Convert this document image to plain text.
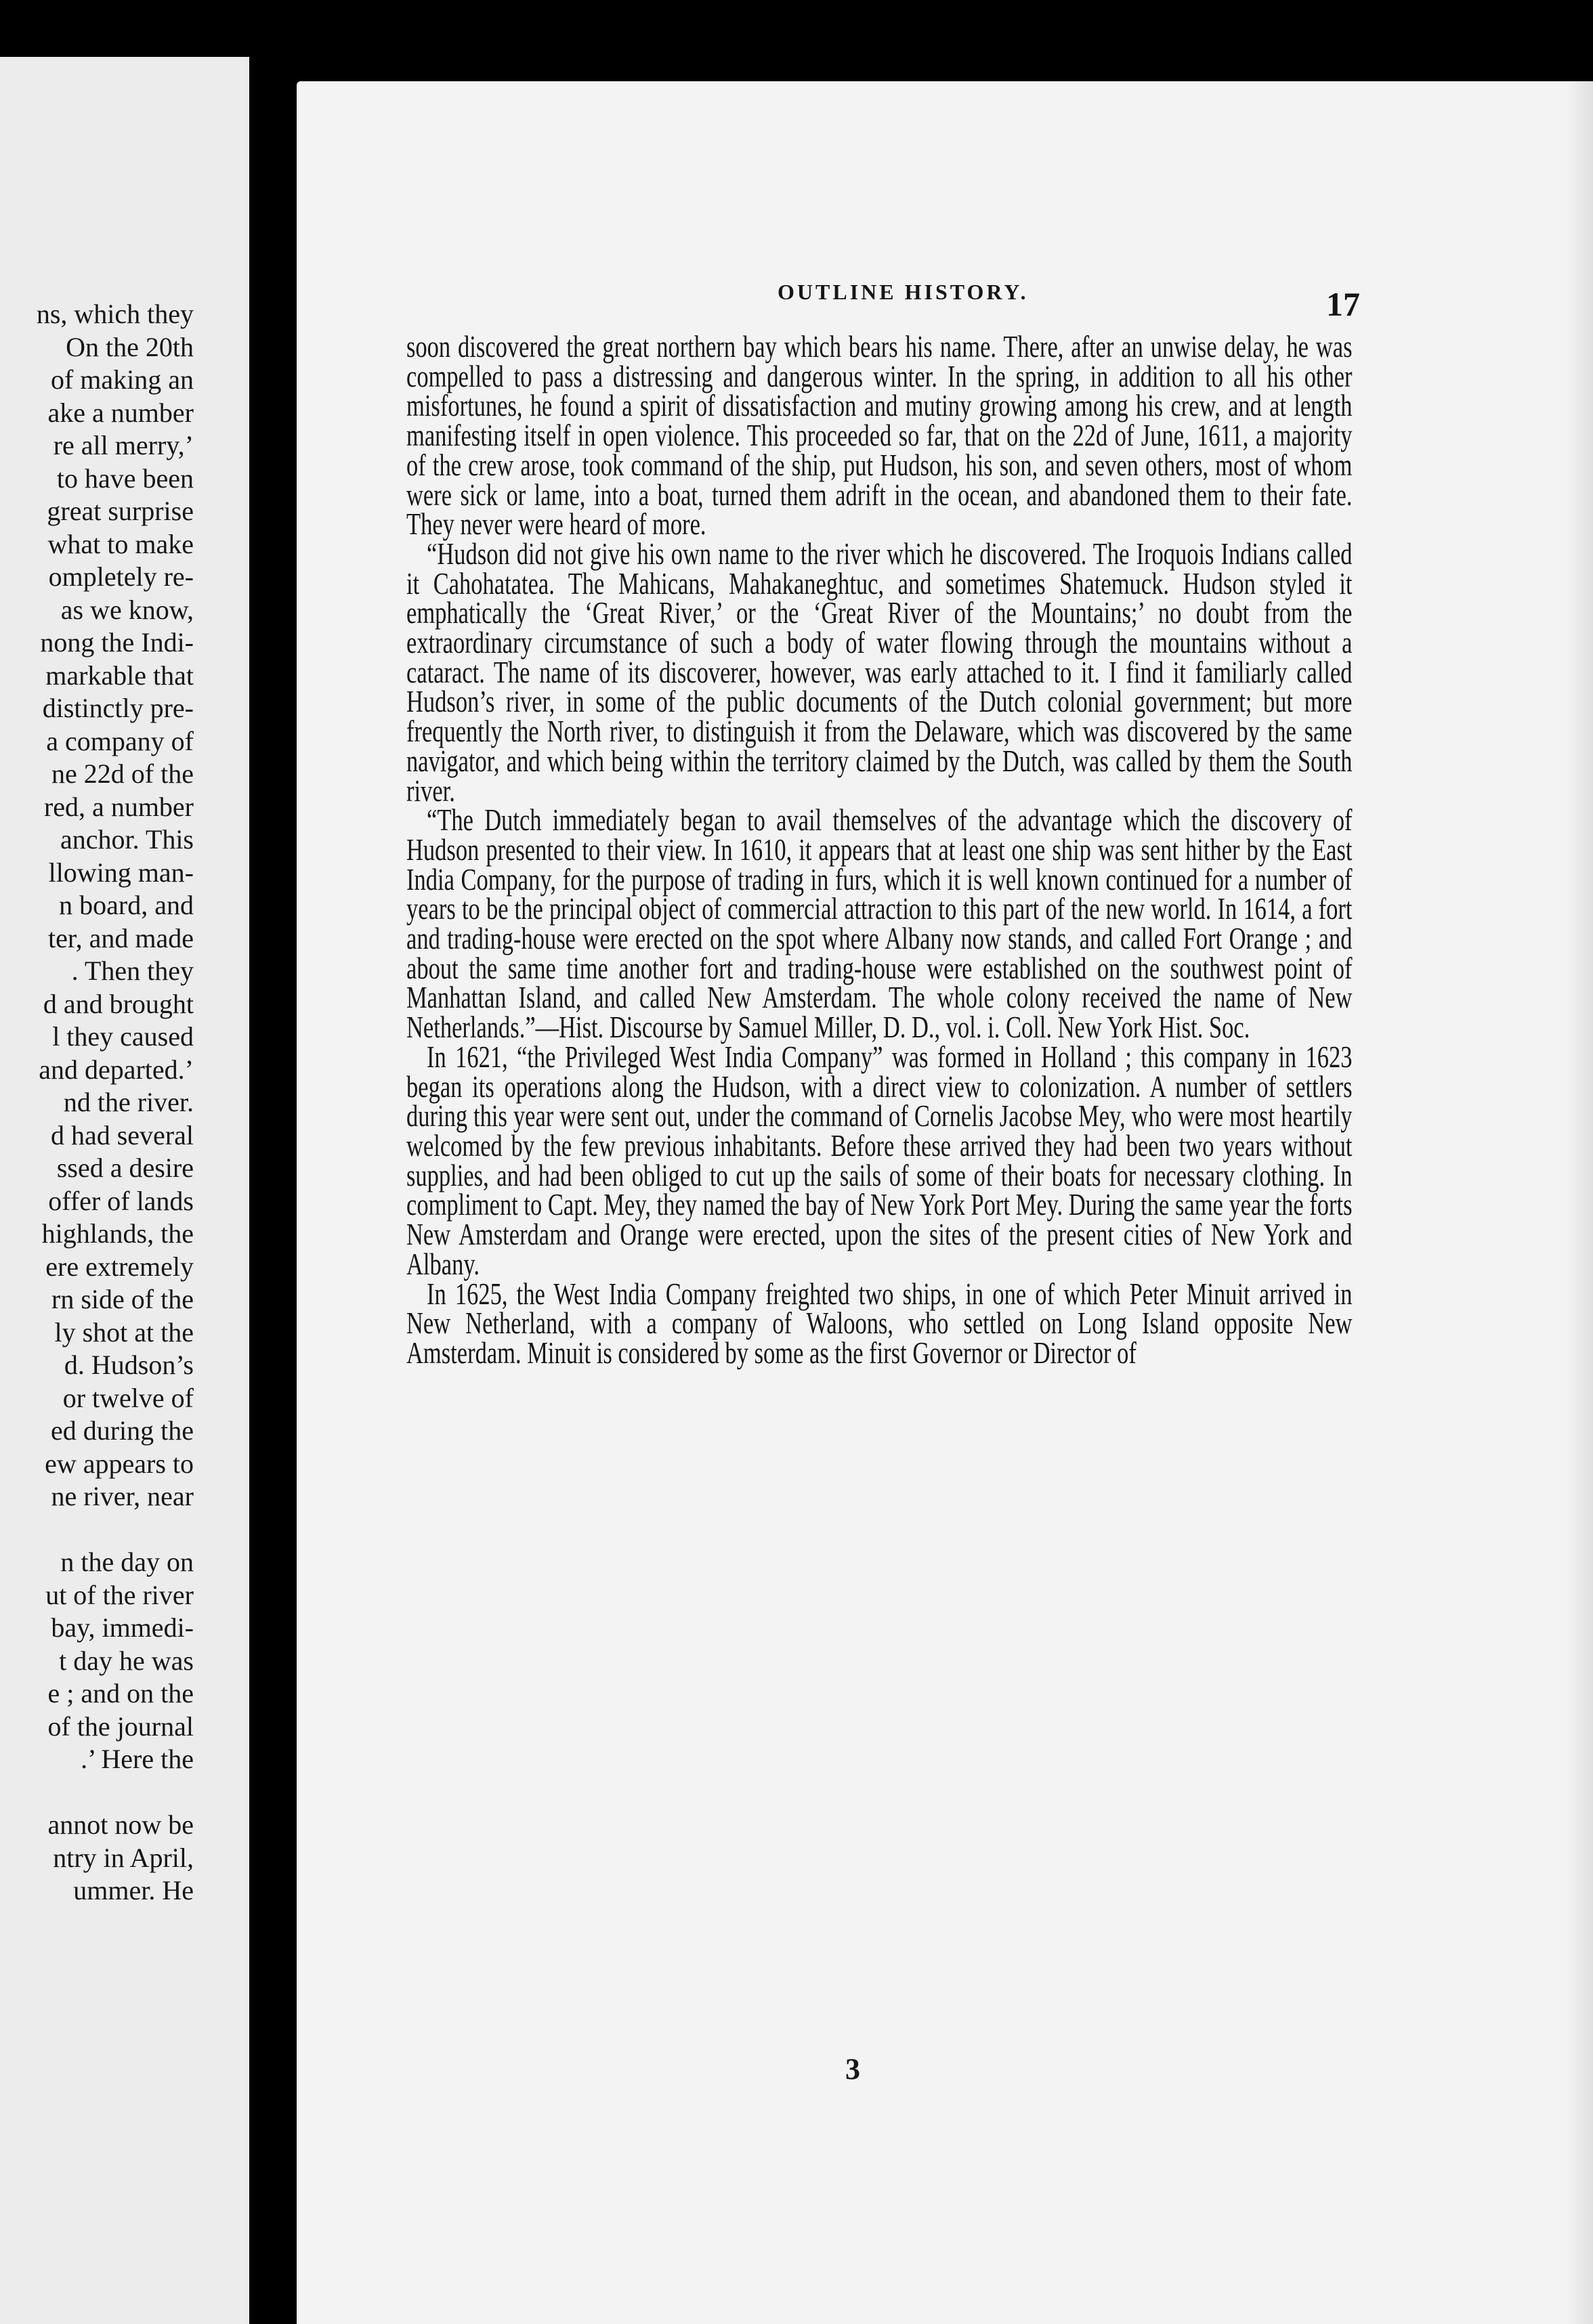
ns, which they
On the 20th
of making an
ake a number
re all merry,’
to have been
great surprise
what to make
ompletely re-
as we know,
nong the Indi-
markable that
distinctly pre-
a company of
ne 22d of the
red, a number
anchor. This
llowing man-
n board, and
ter, and made
. Then they
d and brought
l they caused
and departed.’
nd the river.
d had several
ssed a desire
offer of lands
highlands, the
ere extremely
rn side of the
ly shot at the
d. Hudson’s
or twelve of
ed during the
ew appears to
ne river, near
n the day on
ut of the river
bay, immedi-
t day he was
e ; and on the
of the journal
.’ Here the
annot now be
ntry in April,
ummer. He
OUTLINE HISTORY.	17

soon discovered the great northern bay which bears his name. There, after an unwise delay, he was compelled to pass a distressing and dangerous winter. In the spring, in addition to all his other misfortunes, he found a spirit of dissatisfaction and mutiny growing among his crew, and at length manifesting itself in open violence. This proceeded so far, that on the 22d of June, 1611, a majority of the crew arose, took command of the ship, put Hudson, his son, and seven others, most of whom were sick or lame, into a boat, turned them adrift in the ocean, and abandoned them to their fate. They never were heard of more.

“Hudson did not give his own name to the river which he discovered. The Iroquois Indians called it Cahohatatea. The Mahicans, Mahakaneghtuc, and sometimes Shatemuck. Hudson styled it emphatically the ‘Great River,’ or the ‘Great River of the Mountains;’ no doubt from the extraordinary circumstance of such a body of water flowing through the mountains without a cataract. The name of its discoverer, however, was early attached to it. I find it familiarly called Hudson’s river, in some of the public documents of the Dutch colonial government; but more frequently the North river, to distinguish it from the Delaware, which was discovered by the same navigator, and which being within the territory claimed by the Dutch, was called by them the South river.

“The Dutch immediately began to avail themselves of the advantage which the discovery of Hudson presented to their view. In 1610, it appears that at least one ship was sent hither by the East India Company, for the purpose of trading in furs, which it is well known continued for a number of years to be the principal object of commercial attraction to this part of the new world. In 1614, a fort and trading-house were erected on the spot where Albany now stands, and called Fort Orange ; and about the same time another fort and trading-house were established on the southwest point of Manhattan Island, and called New Amsterdam. The whole colony received the name of New Netherlands.”—Hist. Discourse by Samuel Miller, D. D., vol. i. Coll. New York Hist. Soc.

In 1621, “the Privileged West India Company” was formed in Holland ; this company in 1623 began its operations along the Hudson, with a direct view to colonization. A number of settlers during this year were sent out, under the command of Cornelis Jacobse Mey, who were most heartily welcomed by the few previous inhabitants. Before these arrived they had been two years without supplies, and had been obliged to cut up the sails of some of their boats for necessary clothing. In compliment to Capt. Mey, they named the bay of New York Port Mey. During the same year the forts New Amsterdam and Orange were erected, upon the sites of the present cities of New York and Albany.

In 1625, the West India Company freighted two ships, in one of which Peter Minuit arrived in New Netherland, with a company of Waloons, who settled on Long Island opposite New Amsterdam. Minuit is considered by some as the first Governor or Director of

3
